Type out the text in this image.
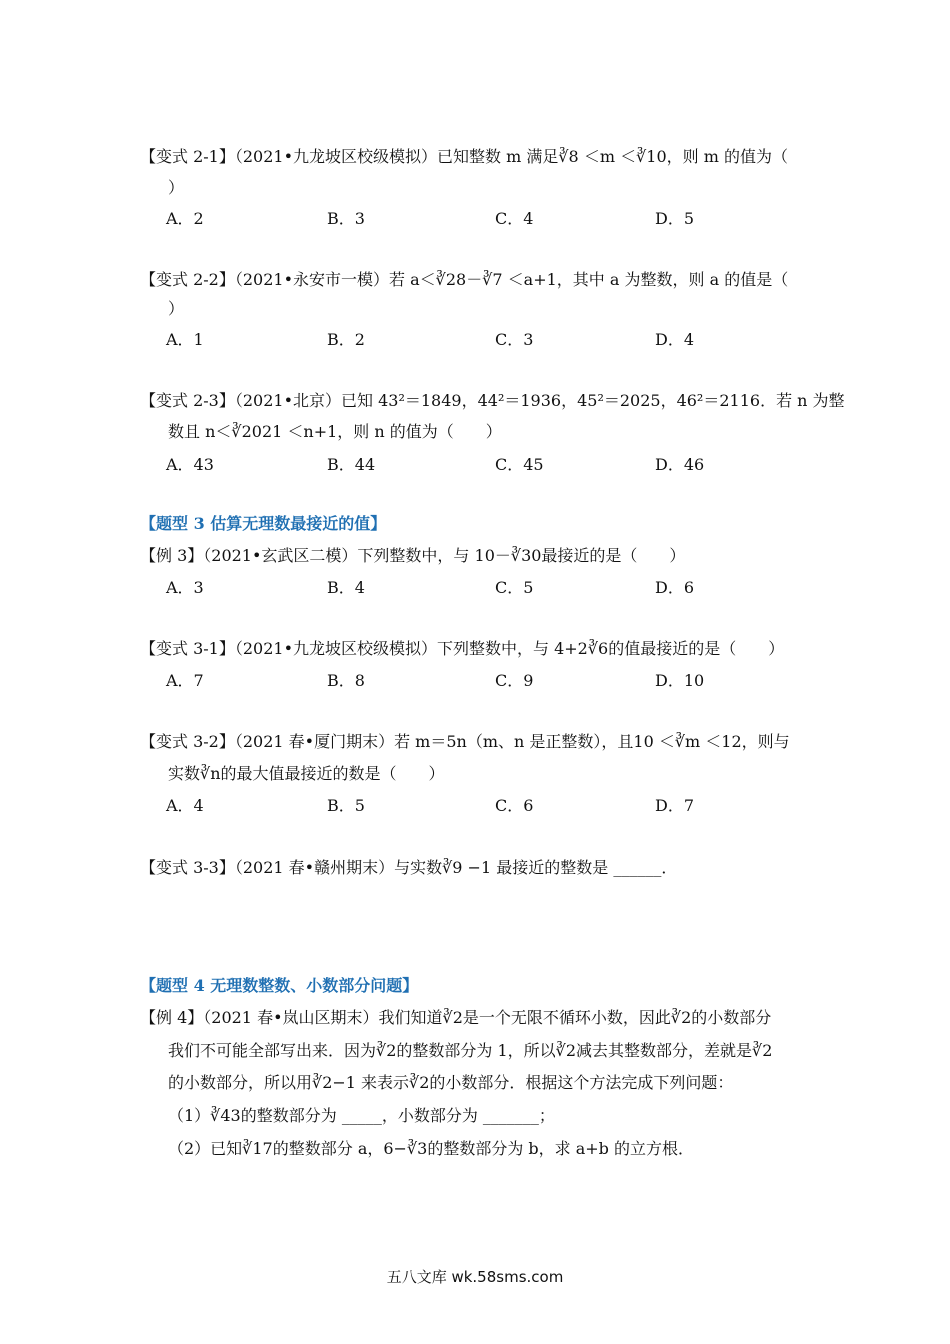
【变式 2-1】（2021•九龙坡区校级模拟）已知整数 m 满足∛8 ＜m ＜∛10，则 m 的值为（
）
A．2	B．3	C．4	D．5
【变式 2-2】（2021•永安市一模）若 a＜∛28－∛7 ＜a+1，其中 a 为整数，则 a 的值是（
）
A．1	B．2	C．3	D．4
【变式 2-3】（2021•北京）已知 43²＝1849，44²＝1936，45²＝2025，46²＝2116．若 n 为整
数且 n＜∛2021 ＜n+1，则 n 的值为（　　）
A．43	B．44	C．45	D．46
【题型 3 估算无理数最接近的值】
【例 3】（2021•玄武区二模）下列整数中，与 10－∛30最接近的是（　　）
A．3	B．4	C．5	D．6
【变式 3-1】（2021•九龙坡区校级模拟）下列整数中，与 4+2∛6的值最接近的是（　　）
A．7	B．8	C．9	D．10
【变式 3-2】（2021 春•厦门期末）若 m＝5n（m、n 是正整数），且10 ＜∛m ＜12，则与
实数∛n的最大值最接近的数是（　　）
A．4	B．5	C．6	D．7
【变式 3-3】（2021 春•赣州期末）与实数∛9 −1 最接近的整数是 ______．
【题型 4 无理数整数、小数部分问题】
【例 4】（2021 春•岚山区期末）我们知道∛2是一个无限不循环小数，因此∛2的小数部分
我们不可能全部写出来．因为∛2的整数部分为 1，所以∛2减去其整数部分，差就是∛2
的小数部分，所以用∛2−1 来表示∛2的小数部分．根据这个方法完成下列问题：
（1）∛43的整数部分为 _____，小数部分为 _______；
（2）已知∛17的整数部分 a，6−∛3的整数部分为 b，求 a+b 的立方根．
五八文库 wk.58sms.com
